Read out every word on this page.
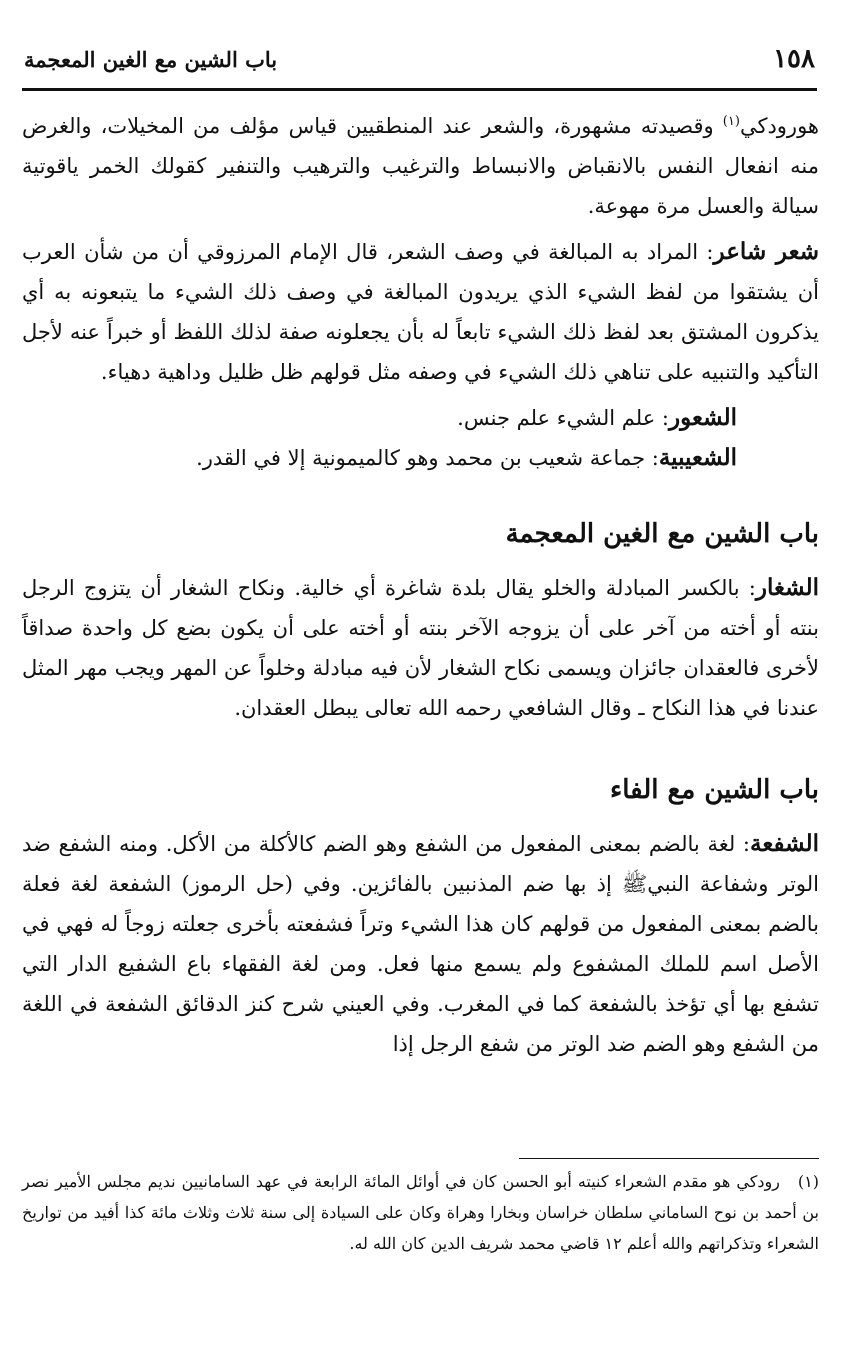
١٥٨
باب الشين مع الغين المعجمة

هورودكي$^{(١)}$ وقصيدته مشهورة، والشعر عند المنطقيين قياس مؤلف من المخيلات، والغرض منه انفعال النفس بالانقباض والانبساط والترغيب والترهيب والتنفير كقولك الخمر ياقوتية سيالة والعسل مرة مهوعة.

شعر شاعر: المراد به المبالغة في وصف الشعر، قال الإمام المرزوقي أن من شأن العرب أن يشتقوا من لفظ الشيء الذي يريدون المبالغة في وصف ذلك الشيء ما يتبعونه به أي يذكرون المشتق بعد لفظ ذلك الشيء تابعاً له بأن يجعلونه صفة لذلك اللفظ أو خبراً عنه لأجل التأكيد والتنبيه على تناهي ذلك الشيء في وصفه مثل قولهم ظل ظليل وداهية دهياء.

الشعور: علم الشيء علم جنس.

الشعيبية: جماعة شعيب بن محمد وهو كالميمونية إلا في القدر.

باب الشين مع الغين المعجمة

الشغار: بالكسر المبادلة والخلو يقال بلدة شاغرة أي خالية. ونكاح الشغار أن يتزوج الرجل بنته أو أخته من آخر على أن يزوجه الآخر بنته أو أخته على أن يكون بضع كل واحدة صداقاً لأخرى فالعقدان جائزان ويسمى نكاح الشغار لأن فيه مبادلة وخلواً عن المهر ويجب مهر المثل عندنا في هذا النكاح ـ وقال الشافعي رحمه الله تعالى يبطل العقدان.

باب الشين مع الفاء

الشفعة: لغة بالضم بمعنى المفعول من الشفع وهو الضم كالأكلة من الأكل. ومنه الشفع ضد الوتر وشفاعة النبيﷺ إذ بها ضم المذنبين بالفائزين. وفي (حل الرموز) الشفعة لغة فعلة بالضم بمعنى المفعول من قولهم كان هذا الشيء وتراً فشفعته بأخرى جعلته زوجاً له فهي في الأصل اسم للملك المشفوع ولم يسمع منها فعل. ومن لغة الفقهاء باع الشفيع الدار التي تشفع بها أي تؤخذ بالشفعة كما في المغرب. وفي العيني شرح كنز الدقائق الشفعة في اللغة من الشفع وهو الضم ضد الوتر من شفع الرجل إذا

(١)رودكي هو مقدم الشعراء كنيته أبو الحسن كان في أوائل المائة الرابعة في عهد السامانيين نديم مجلس الأمير نصر بن أحمد بن نوح الساماني سلطان خراسان وبخارا وهراة وكان على السيادة إلى سنة ثلاث وثلاث مائة كذا أفيد من تواريخ الشعراء وتذكراتهم والله أعلم ١٢ قاضي محمد شريف الدين كان الله له.
